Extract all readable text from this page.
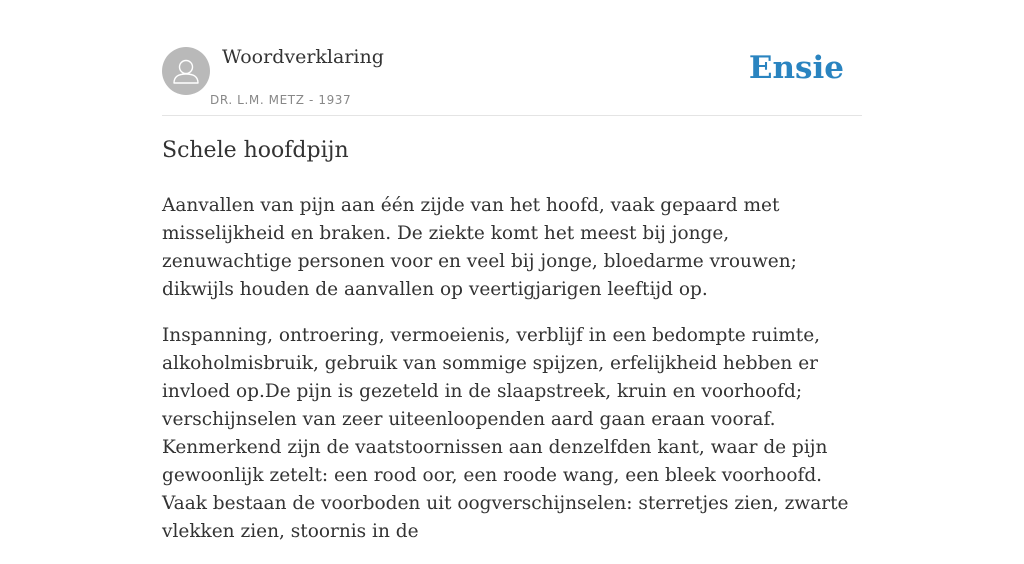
Woordverklaring
DR. L.M. METZ - 1937
Ensie
Schele hoofdpijn

Aanvallen van pijn aan één zijde van het hoofd, vaak gepaard met misselijkheid en braken. De ziekte komt het meest bij jonge, zenuwachtige personen voor en veel bij jonge, bloedarme vrouwen; dikwijls houden de aanvallen op veertigjarigen leeftijd op.

Inspanning, ontroering, vermoeienis, verblijf in een bedompte ruimte, alkoholmisbruik, gebruik van sommige spijzen, erfelijkheid hebben er invloed op.De pijn is gezeteld in de slaapstreek, kruin en voorhoofd; verschijnselen van zeer uiteenloopenden aard gaan eraan vooraf. Kenmerkend zijn de vaatstoornissen aan denzelfden kant, waar de pijn gewoonlijk zetelt: een rood oor, een roode wang, een bleek voorhoofd. Vaak bestaan de voorboden uit oogverschijnselen: sterretjes zien, zwarte vlekken zien, stoornis in de
